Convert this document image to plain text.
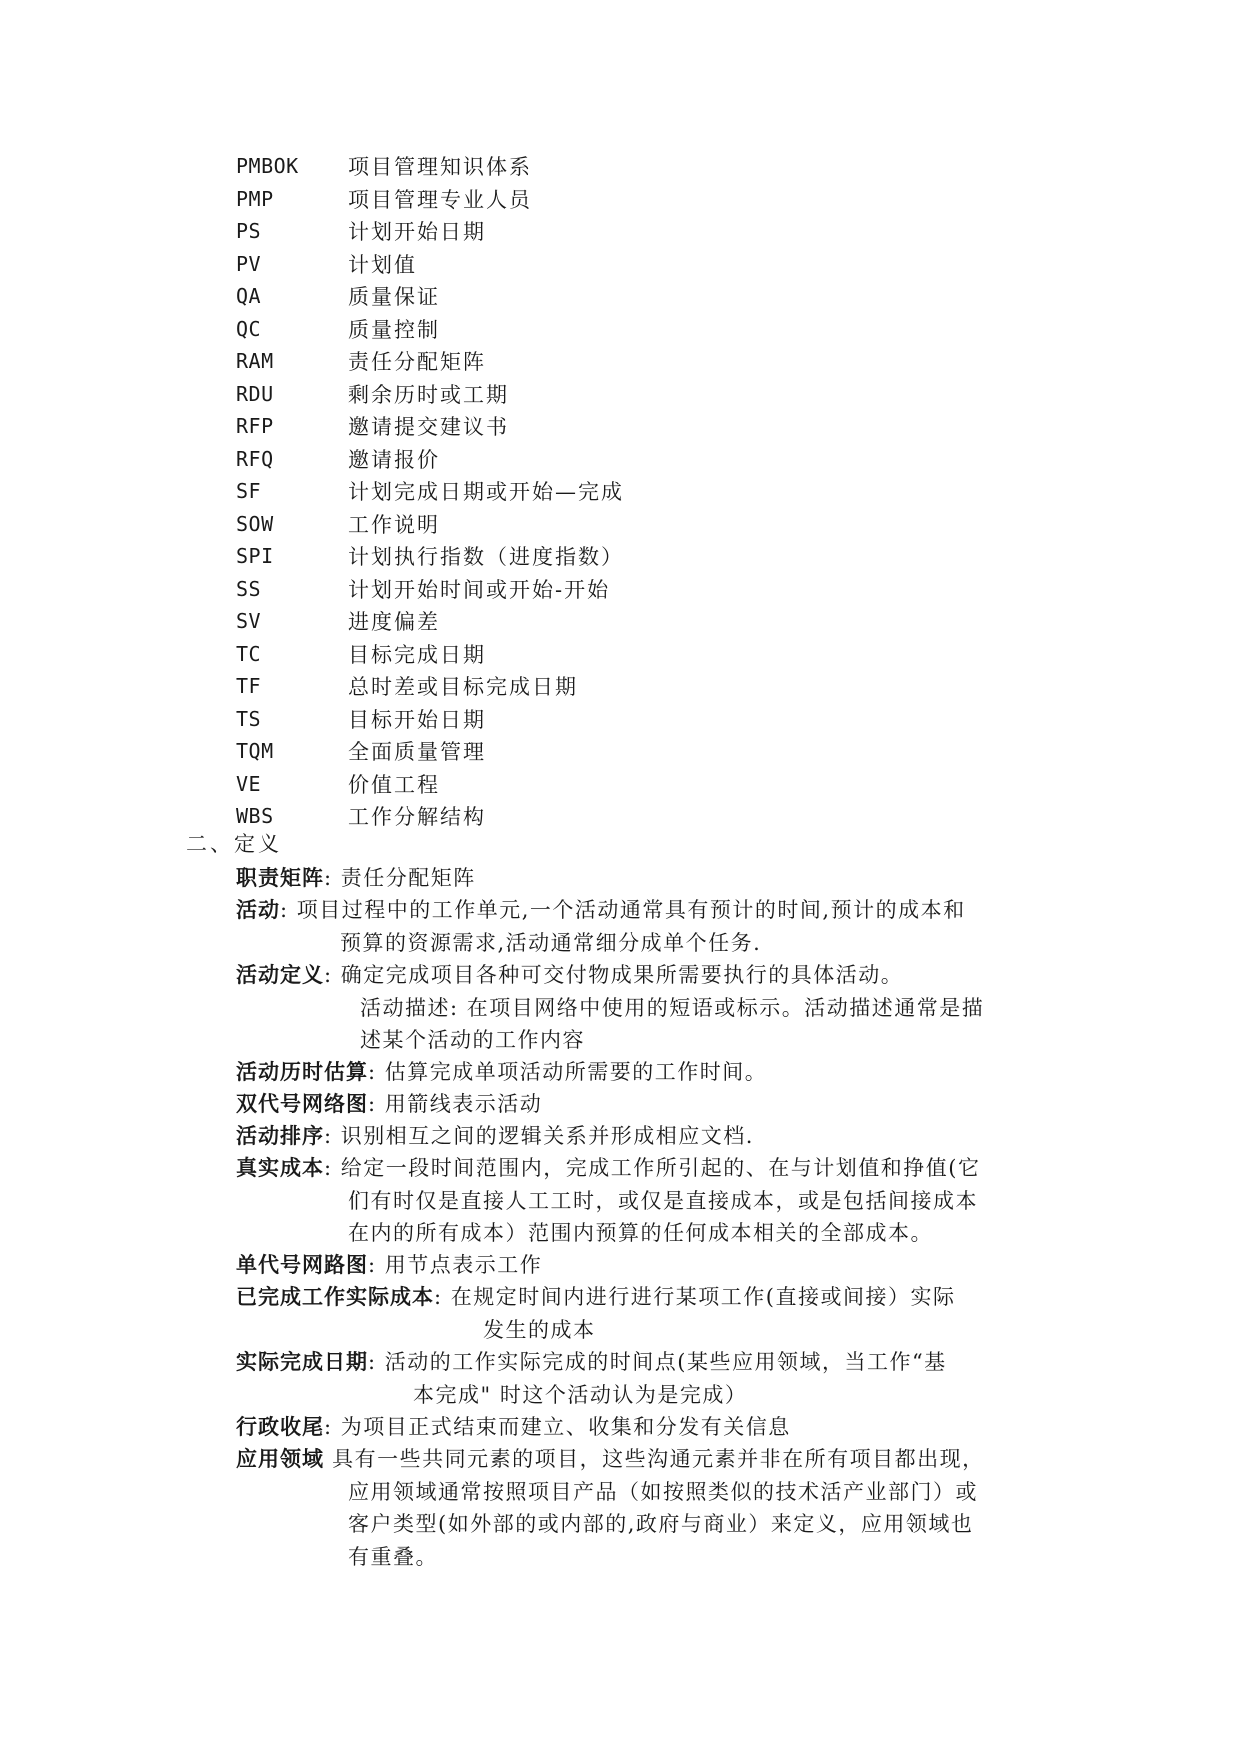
PMBOK	项目管理知识体系
PMP	项目管理专业人员
PS	计划开始日期
PV	计划值
QA	质量保证
QC	质量控制
RAM	责任分配矩阵
RDU	剩余历时或工期
RFP	邀请提交建议书
RFQ	邀请报价
SF	计划完成日期或开始—完成
SOW	工作说明
SPI	计划执行指数（进度指数）
SS	计划开始时间或开始-开始
SV	进度偏差
TC	目标完成日期
TF	总时差或目标完成日期
TS	目标开始日期
TQM	全面质量管理
VE	价值工程
WBS	工作分解结构
二、定义
职责矩阵: 责任分配矩阵
活动: 项目过程中的工作单元,一个活动通常具有预计的时间,预计的成本和
预算的资源需求,活动通常细分成单个任务.
活动定义: 确定完成项目各种可交付物成果所需要执行的具体活动。
活动描述: 在项目网络中使用的短语或标示。活动描述通常是描
述某个活动的工作内容
活动历时估算: 估算完成单项活动所需要的工作时间。
双代号网络图: 用箭线表示活动
活动排序: 识别相互之间的逻辑关系并形成相应文档.
真实成本: 给定一段时间范围内，完成工作所引起的、在与计划值和挣值(它
们有时仅是直接人工工时，或仅是直接成本，或是包括间接成本
在内的所有成本）范围内预算的任何成本相关的全部成本。
单代号网路图: 用节点表示工作
已完成工作实际成本: 在规定时间内进行进行某项工作(直接或间接）实际
发生的成本
实际完成日期: 活动的工作实际完成的时间点(某些应用领域，当工作“基
本完成" 时这个活动认为是完成）
行政收尾: 为项目正式结束而建立、收集和分发有关信息
应用领域 具有一些共同元素的项目，这些沟通元素并非在所有项目都出现，
应用领域通常按照项目产品（如按照类似的技术活产业部门）或
客户类型(如外部的或内部的,政府与商业）来定义，应用领域也
有重叠。
